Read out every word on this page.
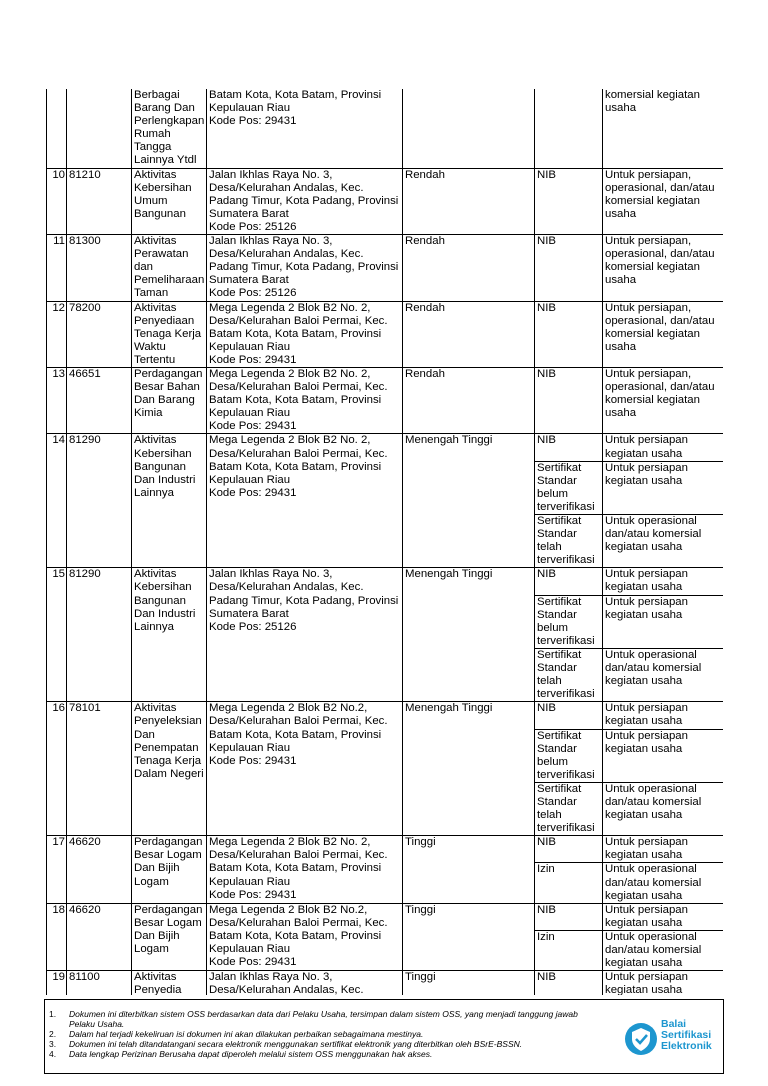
		Berbagai Barang Dan Perlengkapan Rumah Tangga Lainnya Ytdl	Batam Kota, Kota Batam, Provinsi
Kepulauan Riau
Kode Pos: 29431			komersial kegiatan usaha
10	81210	Aktivitas Kebersihan Umum Bangunan	Jalan Ikhlas Raya No. 3,
Desa/Kelurahan Andalas, Kec.
Padang Timur, Kota Padang, Provinsi
Sumatera Barat
Kode Pos: 25126	Rendah	NIB	Untuk persiapan, operasional, dan/atau komersial kegiatan usaha
11	81300	Aktivitas Perawatan dan Pemeliharaan Taman	Jalan Ikhlas Raya No. 3,
Desa/Kelurahan Andalas, Kec.
Padang Timur, Kota Padang, Provinsi
Sumatera Barat
Kode Pos: 25126	Rendah	NIB	Untuk persiapan, operasional, dan/atau komersial kegiatan usaha
12	78200	Aktivitas Penyediaan Tenaga Kerja Waktu Tertentu	Mega Legenda 2 Blok B2 No. 2,
Desa/Kelurahan Baloi Permai, Kec.
Batam Kota, Kota Batam, Provinsi
Kepulauan Riau
Kode Pos: 29431	Rendah	NIB	Untuk persiapan, operasional, dan/atau komersial kegiatan usaha
13	46651	Perdagangan Besar Bahan Dan Barang Kimia	Mega Legenda 2 Blok B2 No. 2,
Desa/Kelurahan Baloi Permai, Kec.
Batam Kota, Kota Batam, Provinsi
Kepulauan Riau
Kode Pos: 29431	Rendah	NIB	Untuk persiapan, operasional, dan/atau komersial kegiatan usaha
14	81290	Aktivitas Kebersihan Bangunan Dan Industri Lainnya	Mega Legenda 2 Blok B2 No. 2,
Desa/Kelurahan Baloi Permai, Kec.
Batam Kota, Kota Batam, Provinsi
Kepulauan Riau
Kode Pos: 29431	Menengah Tinggi	NIB	Untuk persiapan kegiatan usaha
					Sertifikat Standar belum terverifikasi	Untuk persiapan kegiatan usaha
					Sertifikat Standar telah terverifikasi	Untuk operasional dan/atau komersial kegiatan usaha
15	81290	Aktivitas Kebersihan Bangunan Dan Industri Lainnya	Jalan Ikhlas Raya No. 3,
Desa/Kelurahan Andalas, Kec.
Padang Timur, Kota Padang, Provinsi
Sumatera Barat
Kode Pos: 25126	Menengah Tinggi	NIB	Untuk persiapan kegiatan usaha
					Sertifikat Standar belum terverifikasi	Untuk persiapan kegiatan usaha
					Sertifikat Standar telah terverifikasi	Untuk operasional dan/atau komersial kegiatan usaha
16	78101	Aktivitas Penyeleksian Dan Penempatan Tenaga Kerja Dalam Negeri	Mega Legenda 2 Blok B2 No.2,
Desa/Kelurahan Baloi Permai, Kec.
Batam Kota, Kota Batam, Provinsi
Kepulauan Riau
Kode Pos: 29431	Menengah Tinggi	NIB	Untuk persiapan kegiatan usaha
					Sertifikat Standar belum terverifikasi	Untuk persiapan kegiatan usaha
					Sertifikat Standar telah terverifikasi	Untuk operasional dan/atau komersial kegiatan usaha
17	46620	Perdagangan Besar Logam Dan Bijih Logam	Mega Legenda 2 Blok B2 No. 2,
Desa/Kelurahan Baloi Permai, Kec.
Batam Kota, Kota Batam, Provinsi
Kepulauan Riau
Kode Pos: 29431	Tinggi	NIB	Untuk persiapan kegiatan usaha
					Izin	Untuk operasional dan/atau komersial kegiatan usaha
18	46620	Perdagangan Besar Logam Dan Bijih Logam	Mega Legenda 2 Blok B2 No.2,
Desa/Kelurahan Baloi Permai, Kec.
Batam Kota, Kota Batam, Provinsi
Kepulauan Riau
Kode Pos: 29431	Tinggi	NIB	Untuk persiapan kegiatan usaha
					Izin	Untuk operasional dan/atau komersial kegiatan usaha
19	81100	Aktivitas Penyedia	Jalan Ikhlas Raya No. 3,
Desa/Kelurahan Andalas, Kec.	Tinggi	NIB	Untuk persiapan kegiatan usaha
1. Dokumen ini diterbitkan sistem OSS berdasarkan data dari Pelaku Usaha, tersimpan dalam sistem OSS, yang menjadi tanggung jawab Pelaku Usaha.
2. Dalam hal terjadi kekeliruan isi dokumen ini akan dilakukan perbaikan sebagaimana mestinya.
3. Dokumen ini telah ditandatangani secara elektronik menggunakan sertifikat elektronik yang diterbitkan oleh BSrE-BSSN.
4. Data lengkap Perizinan Berusaha dapat diperoleh melalui sistem OSS menggunakan hak akses.
Balai
Sertifikasi
Elektronik
